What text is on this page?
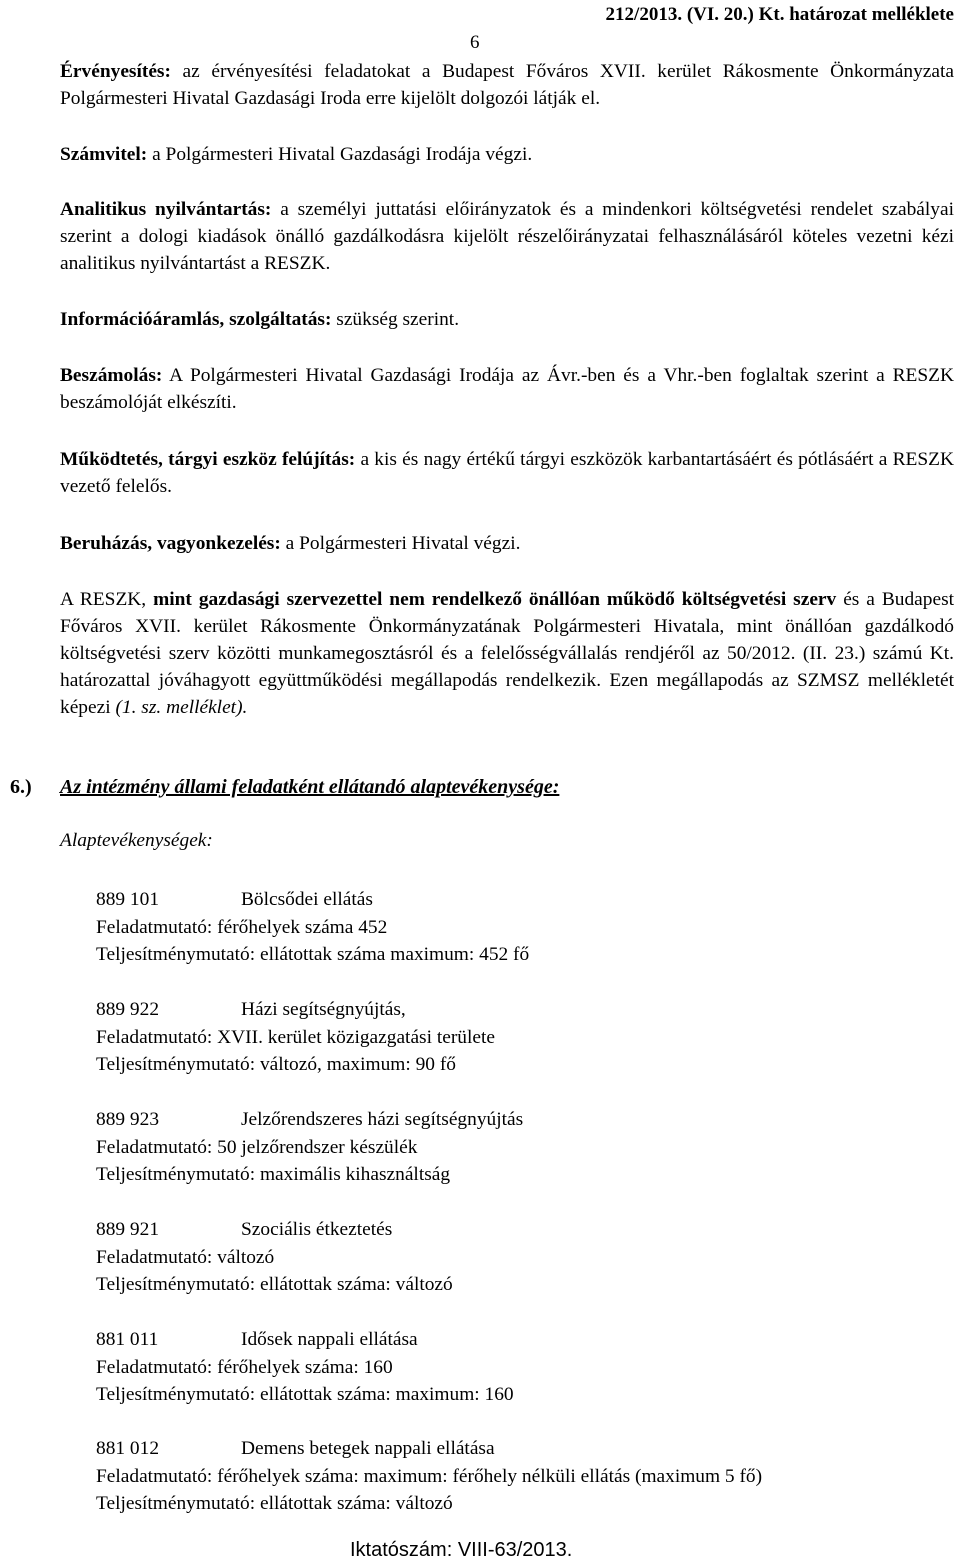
212/2013. (VI. 20.) Kt. határozat melléklete
6
Érvényesítés: az érvényesítési feladatokat a Budapest Főváros XVII. kerület Rákosmente Önkormányzata Polgármesteri Hivatal Gazdasági Iroda erre kijelölt dolgozói látják el.
Számvitel: a Polgármesteri Hivatal Gazdasági Irodája végzi.
Analitikus nyilvántartás: a személyi juttatási előirányzatok és a mindenkori költségvetési rendelet szabályai szerint a dologi kiadások önálló gazdálkodásra kijelölt részelőirányzatai felhasználásáról köteles vezetni kézi analitikus nyilvántartást a RESZK.
Információáramlás, szolgáltatás: szükség szerint.
Beszámolás: A Polgármesteri Hivatal Gazdasági Irodája az Ávr.-ben és a Vhr.-ben foglaltak szerint a RESZK beszámolóját elkészíti.
Működtetés, tárgyi eszköz felújítás: a kis és nagy értékű tárgyi eszközök karbantartásáért és pótlásáért a RESZK vezető felelős.
Beruházás, vagyonkezelés: a Polgármesteri Hivatal végzi.
A RESZK, mint gazdasági szervezettel nem rendelkező önállóan működő költségvetési szerv és a Budapest Főváros XVII. kerület Rákosmente Önkormányzatának Polgármesteri Hivatala, mint önállóan gazdálkodó költségvetési szerv közötti munkamegosztásról és a felelősségvállalás rendjéről az 50/2012. (II. 23.) számú Kt. határozattal jóváhagyott együttműködési megállapodás rendelkezik. Ezen megállapodás az SZMSZ mellékletét képezi (1. sz. melléklet).
6.) Az intézmény állami feladatként ellátandó alaptevékenysége:
Alaptevékenységek:
889 101	Bölcsődei ellátás
Feladatmutató: férőhelyek száma 452
Teljesítménymutató: ellátottak száma maximum: 452 fő
889 922	Házi segítségnyújtás,
Feladatmutató: XVII. kerület közigazgatási területe
Teljesítménymutató: változó, maximum: 90 fő
889 923	Jelzőrendszeres házi segítségnyújtás
Feladatmutató: 50 jelzőrendszer készülék
Teljesítménymutató: maximális kihasználtság
889 921	Szociális étkeztetés
Feladatmutató: változó
Teljesítménymutató: ellátottak száma: változó
881 011	Idősek nappali ellátása
Feladatmutató: férőhelyek száma: 160
Teljesítménymutató: ellátottak száma: maximum: 160
881 012	Demens betegek nappali ellátása
Feladatmutató: férőhelyek száma: maximum: férőhely nélküli ellátás (maximum 5 fő)
Teljesítménymutató: ellátottak száma: változó
Iktatószám: VIII-63/2013.
